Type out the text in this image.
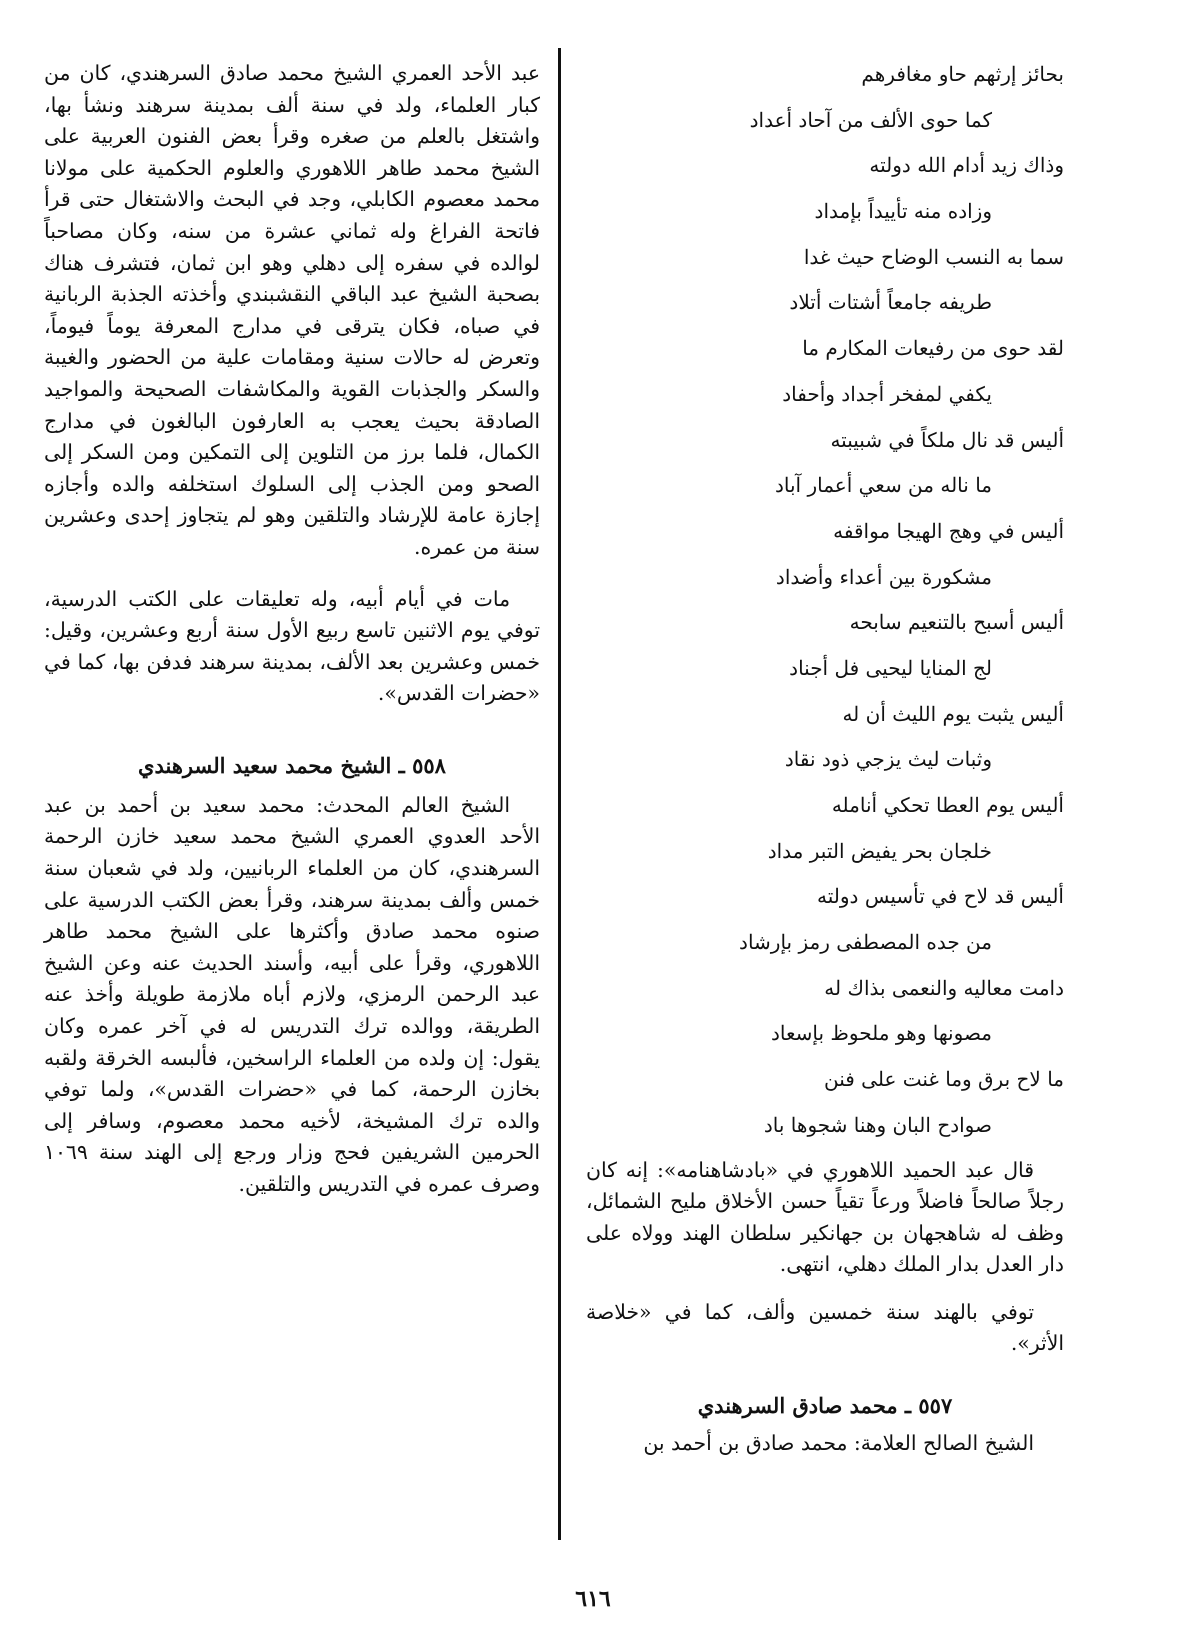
بحائز إرثهم حاو مغافرهم
كما حوى الألف من آحاد أعداد
وذاك زيد أدام الله دولته
وزاده منه تأييداً بإمداد
سما به النسب الوضاح حيث غدا
طريفه جامعاً أشتات أتلاد
لقد حوى من رفيعات المكارم ما
يكفي لمفخر أجداد وأحفاد
أليس قد نال ملكاً في شبيبته
ما ناله من سعي أعمار آباد
أليس في وهج الهيجا مواقفه
مشكورة بين أعداء وأضداد
أليس أسبح بالتنعيم سابحه
لج المنايا ليحيى فل أجناد
أليس يثبت يوم الليث أن له
وثبات ليث يزجي ذود نقاد
أليس يوم العطا تحكي أنامله
خلجان بحر يفيض التبر مداد
أليس قد لاح في تأسيس دولته
من جده المصطفى رمز بإرشاد
دامت معاليه والنعمى بذاك له
مصونها وهو ملحوظ بإسعاد
ما لاح برق وما غنت على فنن
صوادح البان وهنا شجوها باد

قال عبد الحميد اللاهوري في «بادشاهنامه»: إنه كان رجلاً صالحاً فاضلاً ورعاً تقياً حسن الأخلاق مليح الشمائل، وظف له شاهجهان بن جهانكير سلطان الهند وولاه على دار العدل بدار الملك دهلي، انتهى.

توفي بالهند سنة خمسين وألف، كما في «خلاصة الأثر».

٥٥٧ ـ محمد صادق السرهندي

الشيخ الصالح العلامة: محمد صادق بن أحمد بن

عبد الأحد العمري الشيخ محمد صادق السرهندي، كان من كبار العلماء، ولد في سنة ألف بمدينة سرهند ونشأ بها، واشتغل بالعلم من صغره وقرأ بعض الفنون العربية على الشيخ محمد طاهر اللاهوري والعلوم الحكمية على مولانا محمد معصوم الكابلي، وجد في البحث والاشتغال حتى قرأ فاتحة الفراغ وله ثماني عشرة من سنه، وكان مصاحباً لوالده في سفره إلى دهلي وهو ابن ثمان، فتشرف هناك بصحبة الشيخ عبد الباقي النقشبندي وأخذته الجذبة الربانية في صباه، فكان يترقى في مدارج المعرفة يوماً فيوماً، وتعرض له حالات سنية ومقامات علية من الحضور والغيبة والسكر والجذبات القوية والمكاشفات الصحيحة والمواجيد الصادقة بحيث يعجب به العارفون البالغون في مدارج الكمال، فلما برز من التلوين إلى التمكين ومن السكر إلى الصحو ومن الجذب إلى السلوك استخلفه والده وأجازه إجازة عامة للإرشاد والتلقين وهو لم يتجاوز إحدى وعشرين سنة من عمره.

مات في أيام أبيه، وله تعليقات على الكتب الدرسية، توفي يوم الاثنين تاسع ربيع الأول سنة أربع وعشرين، وقيل: خمس وعشرين بعد الألف، بمدينة سرهند فدفن بها، كما في «حضرات القدس».

٥٥٨ ـ الشيخ محمد سعيد السرهندي

الشيخ العالم المحدث: محمد سعيد بن أحمد بن عبد الأحد العدوي العمري الشيخ محمد سعيد خازن الرحمة السرهندي، كان من العلماء الربانيين، ولد في شعبان سنة خمس وألف بمدينة سرهند، وقرأ بعض الكتب الدرسية على صنوه محمد صادق وأكثرها على الشيخ محمد طاهر اللاهوري، وقرأ على أبيه، وأسند الحديث عنه وعن الشيخ عبد الرحمن الرمزي، ولازم أباه ملازمة طويلة وأخذ عنه الطريقة، ووالده ترك التدريس له في آخر عمره وكان يقول: إن ولده من العلماء الراسخين، فألبسه الخرقة ولقبه بخازن الرحمة، كما في «حضرات القدس»، ولما توفي والده ترك المشيخة، لأخيه محمد معصوم، وسافر إلى الحرمين الشريفين فحج وزار ورجع إلى الهند سنة ١٠٦٩ وصرف عمره في التدريس والتلقين.

٦١٦
